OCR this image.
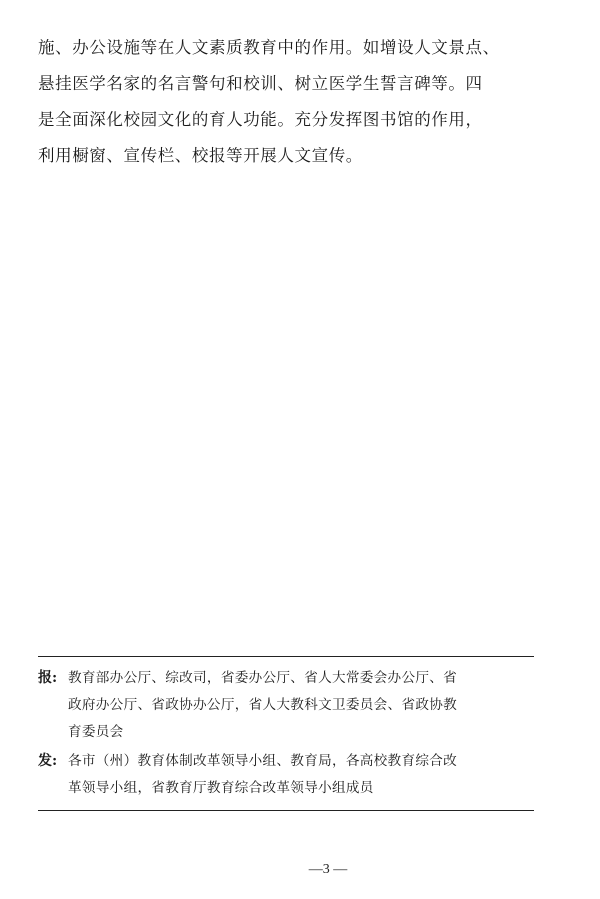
施、办公设施等在人文素质教育中的作用。如增设人文景点、
悬挂医学名家的名言警句和校训、树立医学生誓言碑等。四
是全面深化校园文化的育人功能。充分发挥图书馆的作用，
利用橱窗、宣传栏、校报等开展人文宣传。
报: 教育部办公厅、综改司，省委办公厅、省人大常委会办公厅、省
政府办公厅、省政协办公厅，省人大教科文卫委员会、省政协教
育委员会
发: 各市（州）教育体制改革领导小组、教育局，各高校教育综合改
革领导小组，省教育厅教育综合改革领导小组成员
—3 —
